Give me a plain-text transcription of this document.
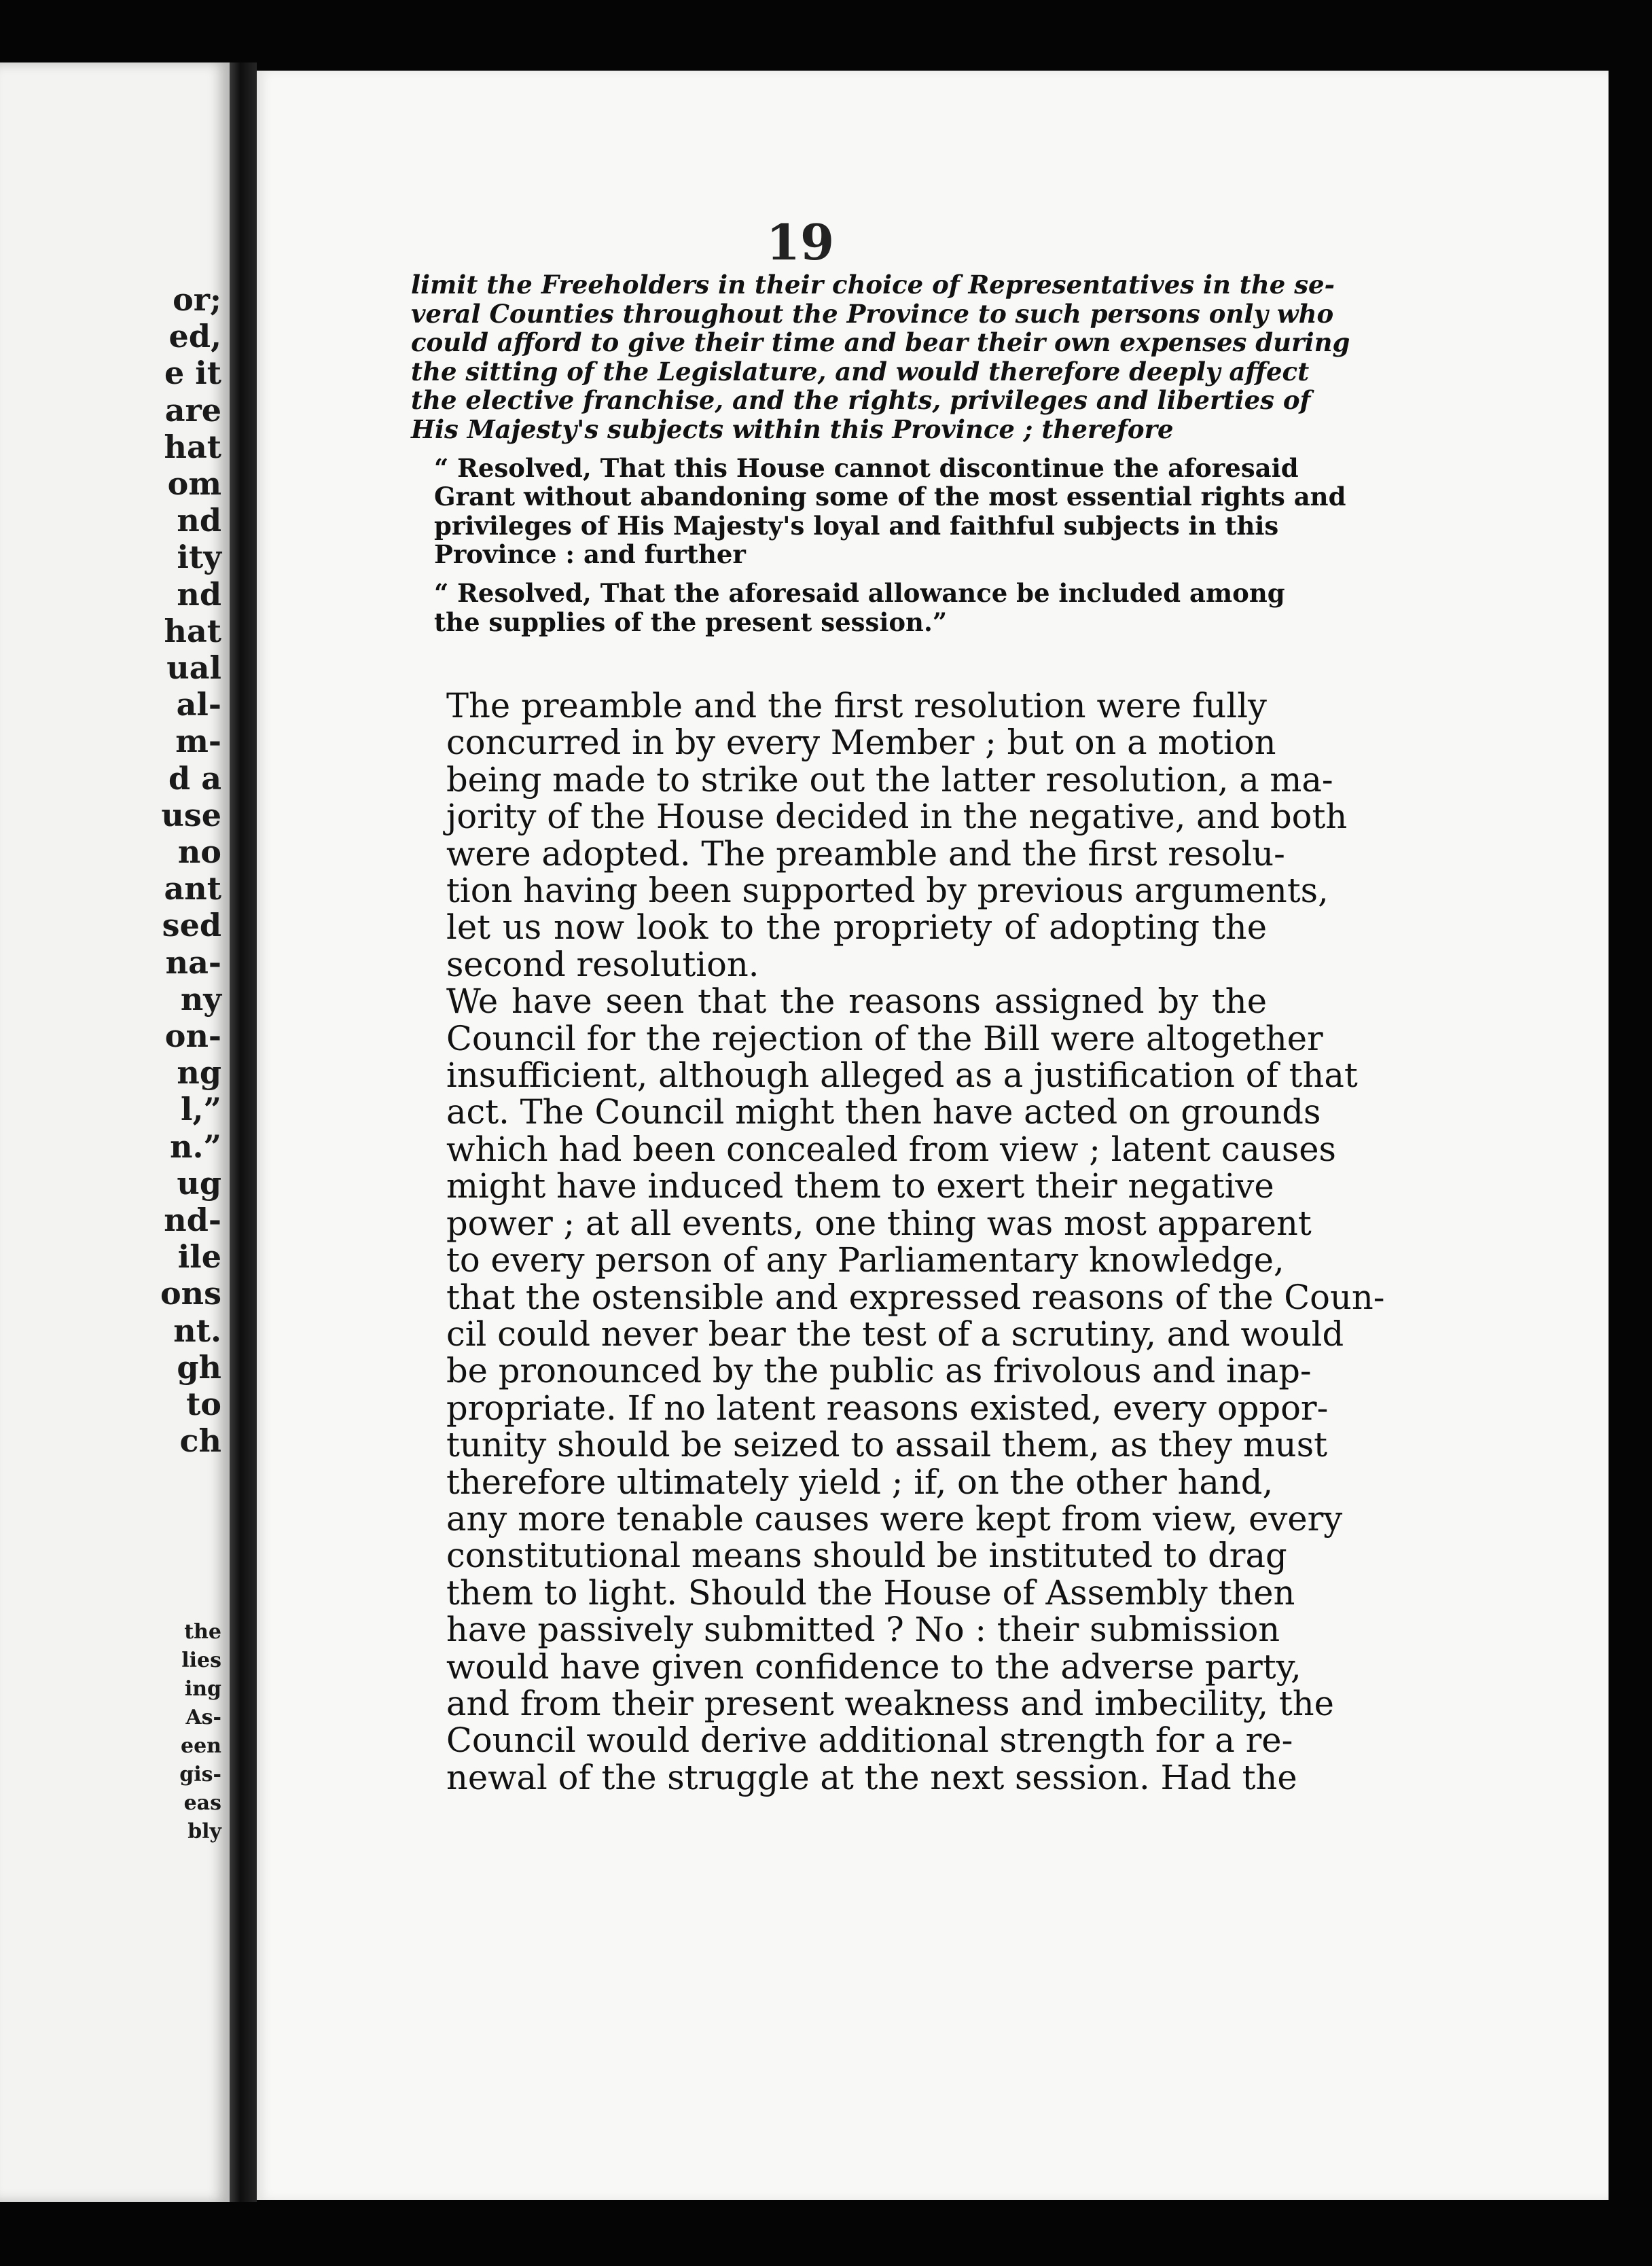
or;
ed,
e it
are
hat
om
nd
ity
nd
hat
ual
al-
m-
d a
use
no
ant
sed
na-
ny
on-
ng
l,”
n.”
ug
nd-
ile
ons
nt.
gh
to
ch
the
lies
ing
As-
een
gis-
eas
bly
19

limit the Freeholders in their choice of Representatives in the se-
veral Counties throughout the Province to such persons only who
could afford to give their time and bear their own expenses during
the sitting of the Legislature, and would therefore deeply affect
the elective franchise, and the rights, privileges and liberties of
His Majesty's subjects within this Province ; therefore

“ Resolved, That this House cannot discontinue the aforesaid
Grant without abandoning some of the most essential rights and
privileges of His Majesty's loyal and faithful subjects in this
Province : and further

“ Resolved, That the aforesaid allowance be included among
the supplies of the present session.”

The preamble and the first resolution were fully
concurred in by every Member ; but on a motion
being made to strike out the latter resolution, a ma-
jority of the House decided in the negative, and both
were adopted. The preamble and the first resolu-
tion having been supported by previous arguments,
let us now look to the propriety of adopting the
second resolution.

We have seen that the reasons assigned by the
Council for the rejection of the Bill were altogether
insufficient, although alleged as a justification of that
act. The Council might then have acted on grounds
which had been concealed from view ; latent causes
might have induced them to exert their negative
power ; at all events, one thing was most apparent
to every person of any Parliamentary knowledge,
that the ostensible and expressed reasons of the Coun-
cil could never bear the test of a scrutiny, and would
be pronounced by the public as frivolous and inap-
propriate. If no latent reasons existed, every oppor-
tunity should be seized to assail them, as they must
therefore ultimately yield ; if, on the other hand,
any more tenable causes were kept from view, every
constitutional means should be instituted to drag
them to light. Should the House of Assembly then
have passively submitted ? No : their submission
would have given confidence to the adverse party,
and from their present weakness and imbecility, the
Council would derive additional strength for a re-
newal of the struggle at the next session. Had the
